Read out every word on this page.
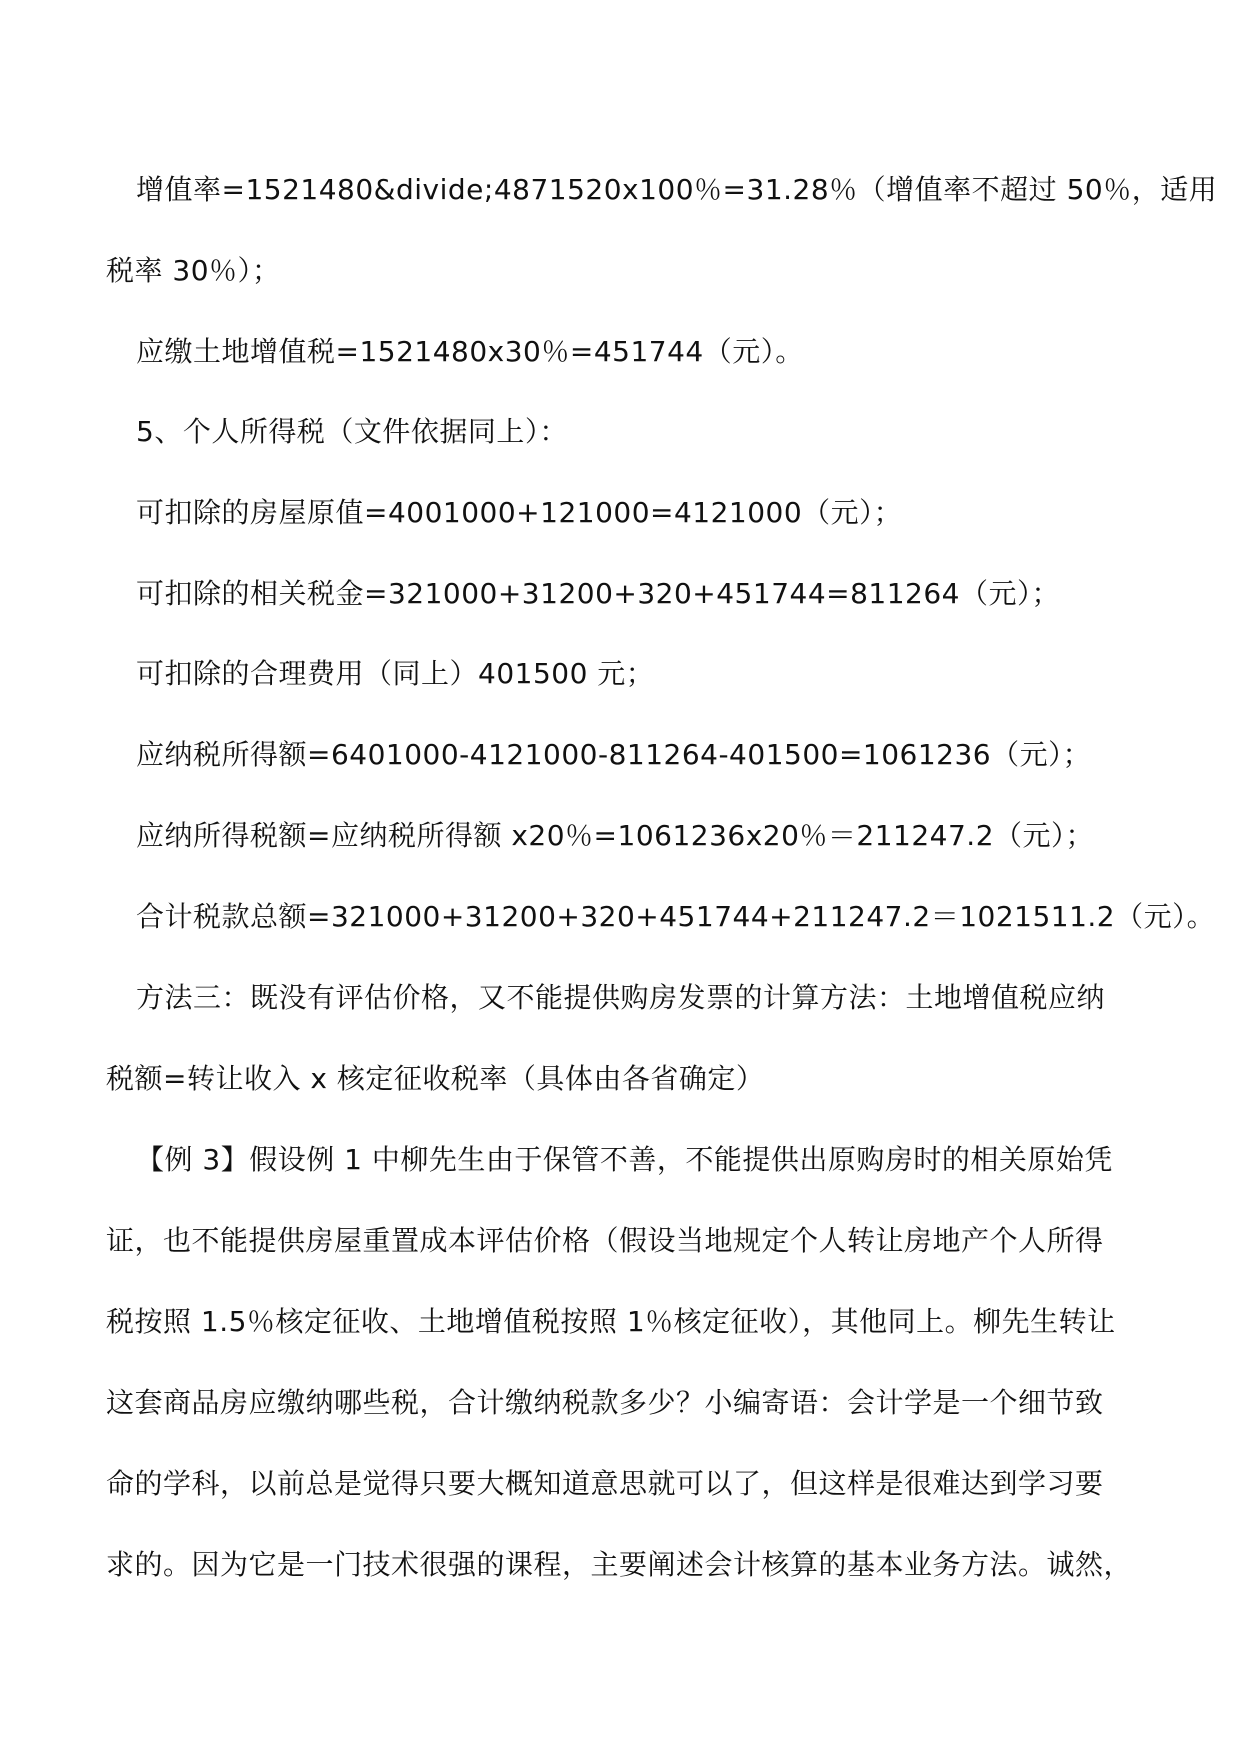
增值率=1521480&divide;4871520x100％=31.28％（增值率不超过 50％，适用
税率 30％）；
应缴土地增值税=1521480x30％=451744（元）。
5、个人所得税（文件依据同上）：
可扣除的房屋原值=4001000+121000=4121000（元）；
可扣除的相关税金=321000+31200+320+451744=811264（元）；
可扣除的合理费用（同上）401500 元；
应纳税所得额=6401000-4121000-811264-401500=1061236（元）；
应纳所得税额=应纳税所得额 x20％=1061236x20％＝211247.2（元）；
合计税款总额=321000+31200+320+451744+211247.2＝1021511.2（元）。
方法三：既没有评估价格，又不能提供购房发票的计算方法：土地增值税应纳
税额=转让收入 x 核定征收税率（具体由各省确定）
【例 3】假设例 1 中柳先生由于保管不善，不能提供出原购房时的相关原始凭
证，也不能提供房屋重置成本评估价格（假设当地规定个人转让房地产个人所得
税按照 1.5％核定征收、土地增值税按照 1％核定征收），其他同上。柳先生转让
这套商品房应缴纳哪些税，合计缴纳税款多少？小编寄语：会计学是一个细节致
命的学科，以前总是觉得只要大概知道意思就可以了，但这样是很难达到学习要
求的。因为它是一门技术很强的课程，主要阐述会计核算的基本业务方法。诚然，
